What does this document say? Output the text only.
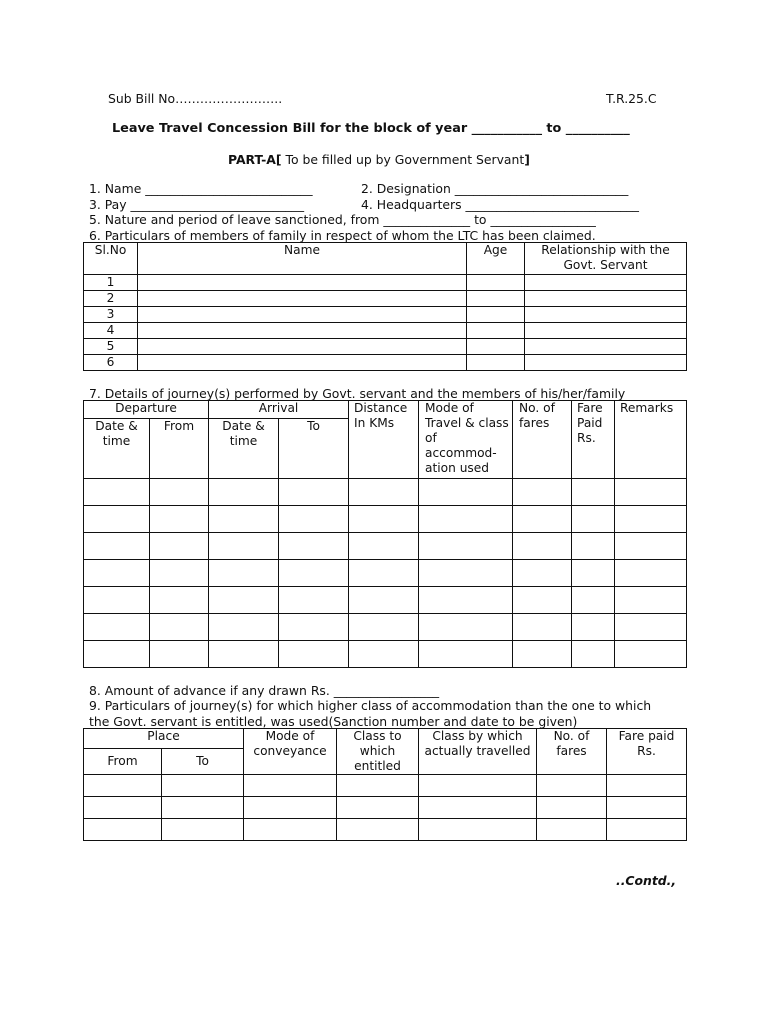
Sub Bill No……………………..	T.R.25.C
Leave Travel Concession Bill for the block of year ___________ to __________
PART-A[ To be filled up by Government Servant]
1. Name ___________________________	2. Designation ____________________________
3. Pay ____________________________	4. Headquarters ____________________________
5. Nature and period of leave sanctioned, from ______________ to _________________
6. Particulars of members of family in respect of whom the LTC has been claimed.
Sl.No	Name	Age	Relationship with the Govt. Servant
1			
2			
3			
4			
5			
6			
7. Details of journey(s) performed by Govt. servant and the members of his/her/family
Departure		Arrival		Distance In KMs	Mode of Travel & class of accommod-ation used	No. of fares	Fare Paid Rs.	Remarks
Date & time	From	Date & time	To					

8. Amount of advance if any drawn Rs. _________________
9. Particulars of journey(s) for which higher class of accommodation than the one to which
the Govt. servant is entitled, was used(Sanction number and date to be given)
Place		Mode of conveyance	Class to which entitled	Class by which actually travelled	No. of fares	Fare paid Rs.
From	To					

..Contd.,
